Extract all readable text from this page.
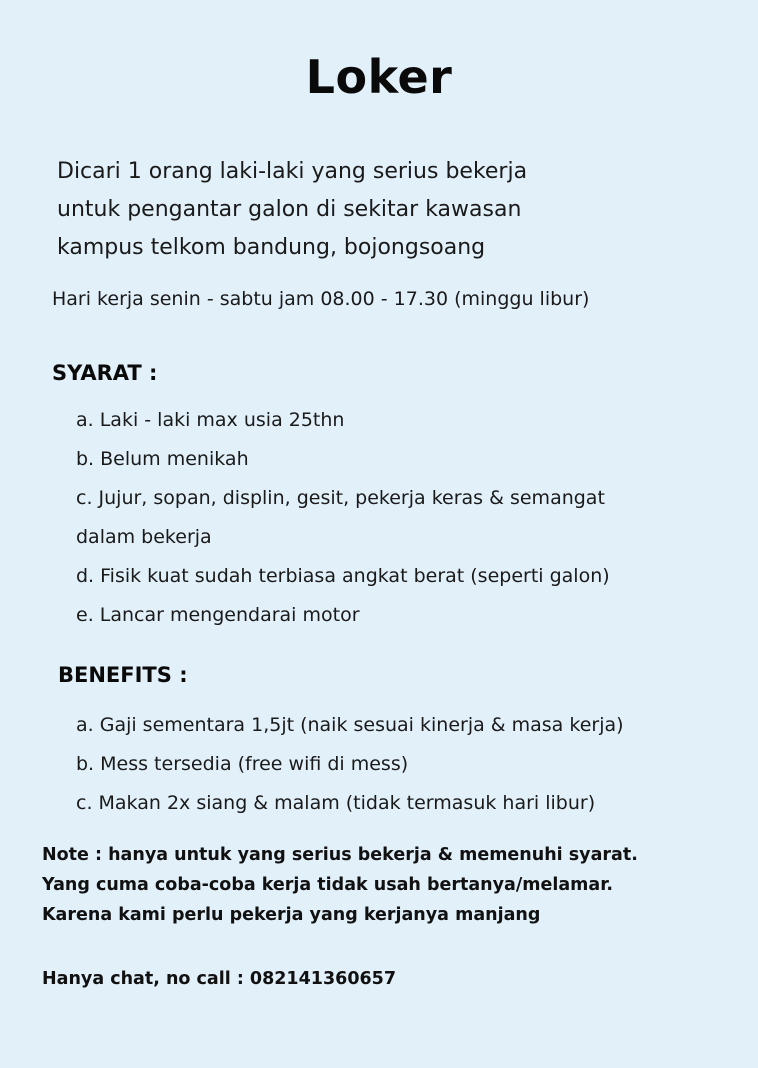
Loker
Dicari 1 orang laki-laki yang serius bekerja
untuk pengantar galon di sekitar kawasan
kampus telkom bandung, bojongsoang
Hari kerja senin - sabtu jam 08.00 - 17.30 (minggu libur)
SYARAT :
a. Laki - laki max usia 25thn
b. Belum menikah
c. Jujur, sopan, displin, gesit, pekerja keras & semangat
dalam bekerja
d. Fisik kuat sudah terbiasa angkat berat (seperti galon)
e. Lancar mengendarai motor
BENEFITS :
a. Gaji sementara 1,5jt (naik sesuai kinerja & masa kerja)
b. Mess tersedia (free wifi di mess)
c. Makan 2x siang & malam (tidak termasuk hari libur)
Note : hanya untuk yang serius bekerja & memenuhi syarat.
Yang cuma coba-coba kerja tidak usah bertanya/melamar.
Karena kami perlu pekerja yang kerjanya manjang
Hanya chat, no call : 082141360657
